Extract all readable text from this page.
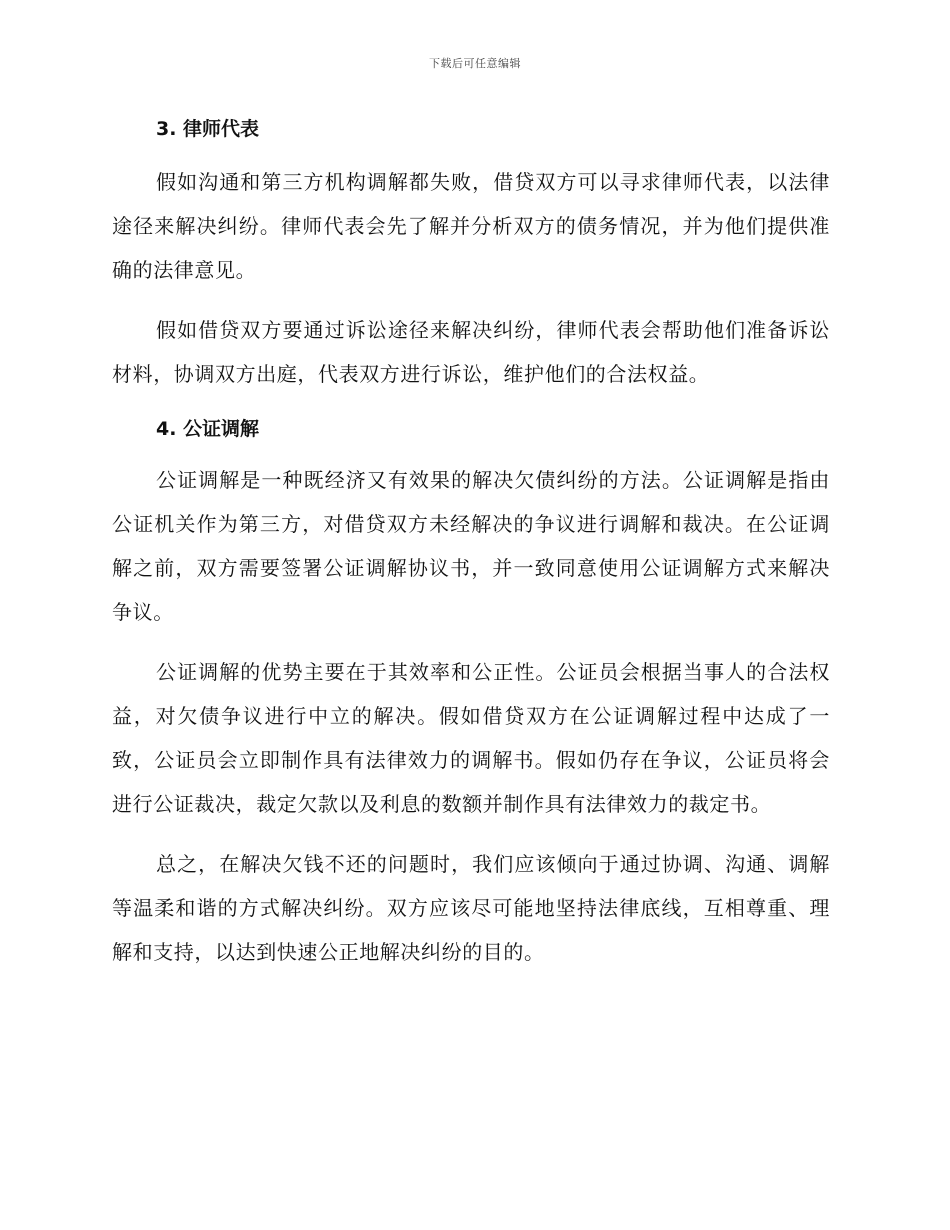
下载后可任意编辑
3. 律师代表

假如沟通和第三方机构调解都失败，借贷双方可以寻求律师代表，以法律途径来解决纠纷。律师代表会先了解并分析双方的债务情况，并为他们提供准确的法律意见。

假如借贷双方要通过诉讼途径来解决纠纷，律师代表会帮助他们准备诉讼材料，协调双方出庭，代表双方进行诉讼，维护他们的合法权益。

4. 公证调解

公证调解是一种既经济又有效果的解决欠债纠纷的方法。公证调解是指由公证机关作为第三方，对借贷双方未经解决的争议进行调解和裁决。在公证调解之前，双方需要签署公证调解协议书，并一致同意使用公证调解方式来解决争议。

公证调解的优势主要在于其效率和公正性。公证员会根据当事人的合法权益，对欠债争议进行中立的解决。假如借贷双方在公证调解过程中达成了一致，公证员会立即制作具有法律效力的调解书。假如仍存在争议，公证员将会进行公证裁决，裁定欠款以及利息的数额并制作具有法律效力的裁定书。

总之，在解决欠钱不还的问题时，我们应该倾向于通过协调、沟通、调解等温柔和谐的方式解决纠纷。双方应该尽可能地坚持法律底线，互相尊重、理解和支持，以达到快速公正地解决纠纷的目的。
